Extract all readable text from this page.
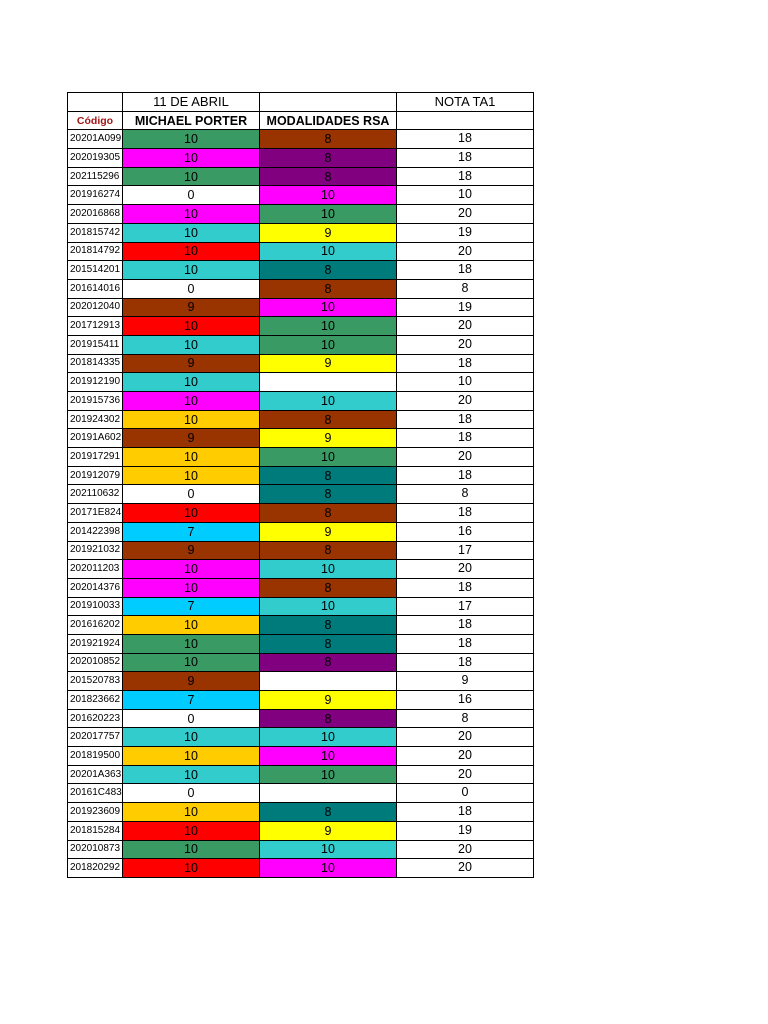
	11 DE ABRIL		NOTA TA1
Código	MICHAEL PORTER	MODALIDADES RSA	
20201A099	10	8	18
202019305	10	8	18
202115296	10	8	18
201916274	0	10	10
202016868	10	10	20
201815742	10	9	19
201814792	10	10	20
201514201	10	8	18
201614016	0	8	8
202012040	9	10	19
201712913	10	10	20
201915411	10	10	20
201814335	9	9	18
201912190	10		10
201915736	10	10	20
201924302	10	8	18
20191A602	9	9	18
201917291	10	10	20
201912079	10	8	18
202110632	0	8	8
20171E824	10	8	18
201422398	7	9	16
201921032	9	8	17
202011203	10	10	20
202014376	10	8	18
201910033	7	10	17
201616202	10	8	18
201921924	10	8	18
202010852	10	8	18
201520783	9		9
201823662	7	9	16
201620223	0	8	8
202017757	10	10	20
201819500	10	10	20
20201A363	10	10	20
20161C483	0		0
201923609	10	8	18
201815284	10	9	19
202010873	10	10	20
201820292	10	10	20
